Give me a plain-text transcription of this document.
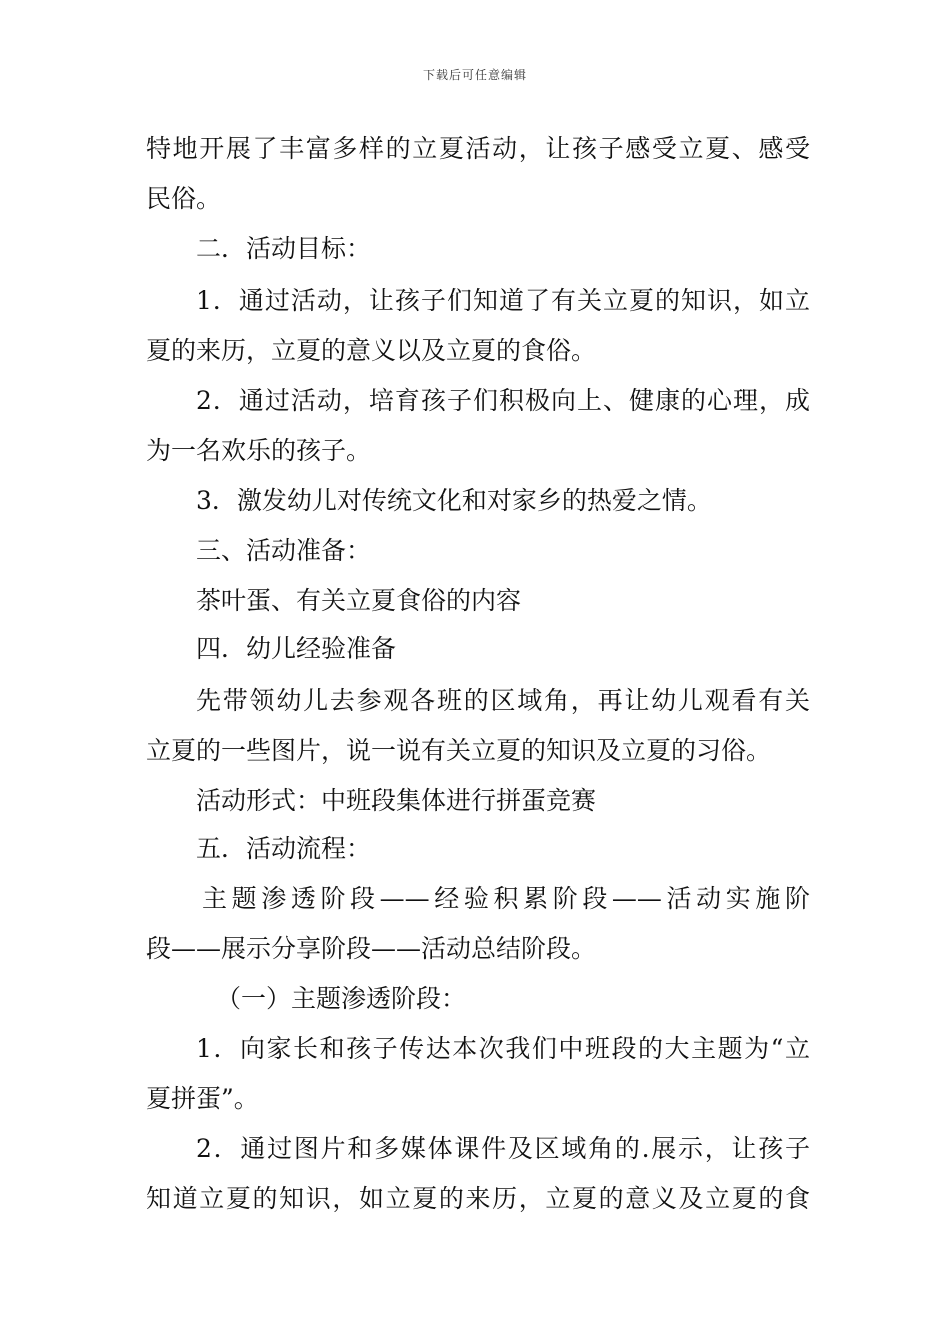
下载后可任意编辑
特地开展了丰富多样的立夏活动，让孩子感受立夏、感受
民俗。
二．活动目标：
1．通过活动，让孩子们知道了有关立夏的知识，如立
夏的来历，立夏的意义以及立夏的食俗。
2．通过活动，培育孩子们积极向上、健康的心理，成
为一名欢乐的孩子。
3．激发幼儿对传统文化和对家乡的热爱之情。
三、活动准备：
茶叶蛋、有关立夏食俗的内容
四．幼儿经验准备
先带领幼儿去参观各班的区域角，再让幼儿观看有关
立夏的一些图片，说一说有关立夏的知识及立夏的习俗。
活动形式：中班段集体进行拼蛋竞赛
五．活动流程：
主题渗透阶段——经验积累阶段——活动实施阶
段——展示分享阶段——活动总结阶段。
（一）主题渗透阶段：
1．向家长和孩子传达本次我们中班段的大主题为“立
夏拼蛋”。
2．通过图片和多媒体课件及区域角的.展示，让孩子
知道立夏的知识，如立夏的来历，立夏的意义及立夏的食
